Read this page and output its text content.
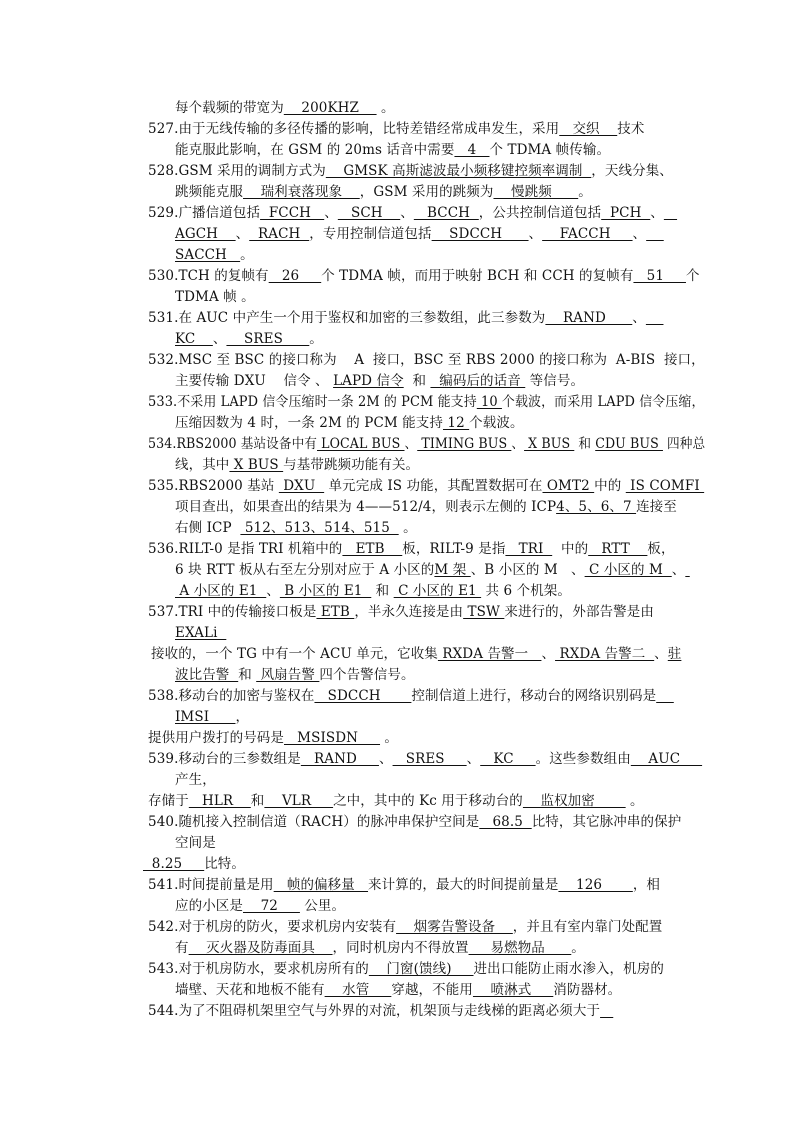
每个载频的带宽为    200KHZ     。
527.由于无线传输的多径传播的影响，比特差错经常成串发生，采用   交织    技术
能克服此影响，在 GSM 的 20ms 话音中需要   4   个 TDMA 帧传输。
528.GSM 采用的调制方式为    GMSK 高斯滤波最小频移键控频率调制  ，天线分集、
跳频能克服    瑞利衰落现象    ，GSM 采用的跳频为    慢跳频      。
529.广播信道包括  FCCH   、   SCH    、   BCCH  ，公共控制信道包括  PCH  、
AGCH    、  RACH  ，专用控制信道包括    SDCCH      、    FACCH     、
SACCH   。
530.TCH 的复帧有   26     个 TDMA 帧，而用于映射 BCH 和 CCH 的复帧有   51     个
TDMA 帧 。
531.在 AUC 中产生一个用于鉴权和加密的三参数组，此三参数为    RAND      、
KC    、    SRES      。
532.MSC 至 BSC 的接口称为    A  接口，BSC 至 RBS 2000 的接口称为  A-BIS  接口，
主要传输 DXU    信令 、 LAPD 信令  和   编码后的话音  等信号。
533.不采用 LAPD 信令压缩时一条 2M 的 PCM 能支持 10 个载波，而采用 LAPD 信令压缩，
压缩因数为 4 时，一条 2M 的 PCM 能支持 12 个载波。
534.RBS2000 基站设备中有 LOCAL BUS 、 TIMING BUS 、 X BUS  和 CDU BUS  四种总
线，其中 X BUS 与基带跳频功能有关。
535.RBS2000 基站  DXU   单元完成 IS 功能，其配置数据可在 OMT2 中的  IS COMFI
项目查出，如果查出的结果为 4——512/4，则表示左侧的 ICP4、5、6、7 连接至
右侧 ICP   512、513、514、515   。
536.RILT-0 是指 TRI 机箱中的   ETB    板，RILT-9 是指   TRI    中的   RTT    板，
6 块 RTT 板从右至左分别对应于 A 小区的M 架 、B 小区的 M   、 C 小区的 M  、
A 小区的 E1  、 B 小区的 E1   和  C 小区的 E1  共 6 个机架。
537.TRI 中的传输接口板是 ETB ，半永久连接是由 TSW 来进行的，外部告警是由
EXALi
接收的，一个 TG 中有一个 ACU 单元，它收集 RXDA 告警一   、 RXDA 告警二  、驻
波比告警  和  风扇告警 四个告警信号。
538.移动台的加密与鉴权在   SDCCH       控制信道上进行，移动台的网络识别码是
IMSI      ，
提供用户拨打的号码是   MSISDN      。
539.移动台的三参数组是   RAND     、   SRES     、   KC     。这些参数组由    AUC
产生，
存储于   HLR    和    VLR     之中，其中的 Kc 用于移动台的    监权加密        。
540.随机接入控制信道（RACH）的脉冲串保护空间是   68.5  比特，其它脉冲串的保护
空间是
8.25     比特。
541.时间提前量是用   帧的偏移量   来计算的，最大的时间提前量是    126       ，相
应的小区是    72      公里。
542.对于机房的防火，要求机房内安装有    烟雾告警设备    ，并且有室内靠门处配置
有    灭火器及防毒面具    ，同时机房内不得放置     易燃物品      。
543.对于机房防水，要求机房所有的    门窗(馈线)     进出口能防止雨水渗入，机房的
墙壁、天花和地板不能有    水管     穿越，不能用    喷淋式     消防器材。
544.为了不阻碍机架里空气与外界的对流，机架顶与走线梯的距离必须大于
